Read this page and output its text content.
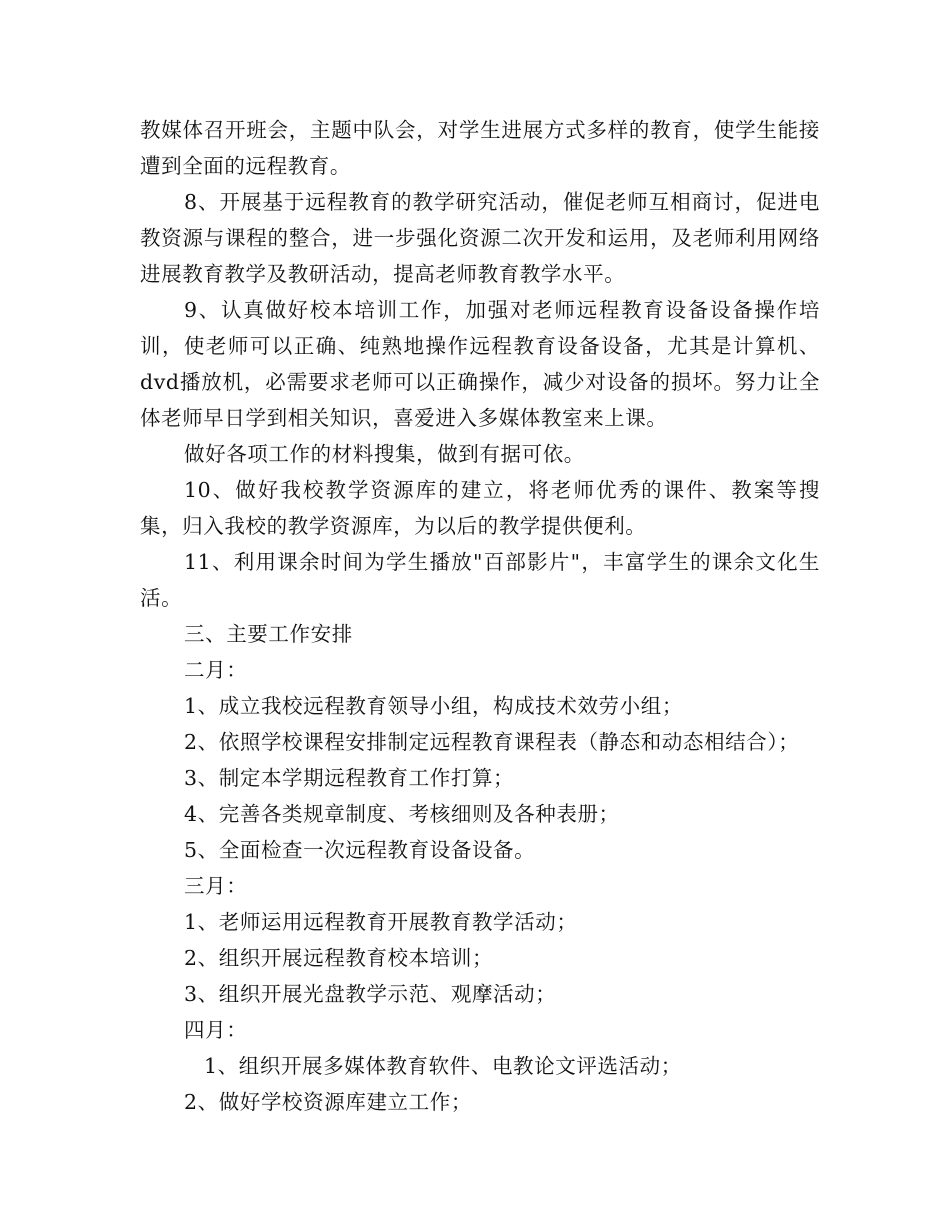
教媒体召开班会，主题中队会，对学生进展方式多样的教育，使学生能接遭到全面的远程教育。

8、开展基于远程教育的教学研究活动，催促老师互相商讨，促进电教资源与课程的整合，进一步强化资源二次开发和运用，及老师利用网络进展教育教学及教研活动，提高老师教育教学水平。

9、认真做好校本培训工作，加强对老师远程教育设备设备操作培训，使老师可以正确、纯熟地操作远程教育设备设备，尤其是计算机、dvd播放机，必需要求老师可以正确操作，减少对设备的损坏。努力让全体老师早日学到相关知识，喜爱进入多媒体教室来上课。

做好各项工作的材料搜集，做到有据可依。

10、做好我校教学资源库的建立，将老师优秀的课件、教案等搜集，归入我校的教学资源库，为以后的教学提供便利。

11、利用课余时间为学生播放"百部影片"，丰富学生的课余文化生活。

三、主要工作安排

二月：

1、成立我校远程教育领导小组，构成技术效劳小组；

2、依照学校课程安排制定远程教育课程表（静态和动态相结合）；

3、制定本学期远程教育工作打算；

4、完善各类规章制度、考核细则及各种表册；

5、全面检查一次远程教育设备设备。

三月：

1、老师运用远程教育开展教育教学活动；

2、组织开展远程教育校本培训；

3、组织开展光盘教学示范、观摩活动；

四月：

1、组织开展多媒体教育软件、电教论文评选活动；

2、做好学校资源库建立工作；
